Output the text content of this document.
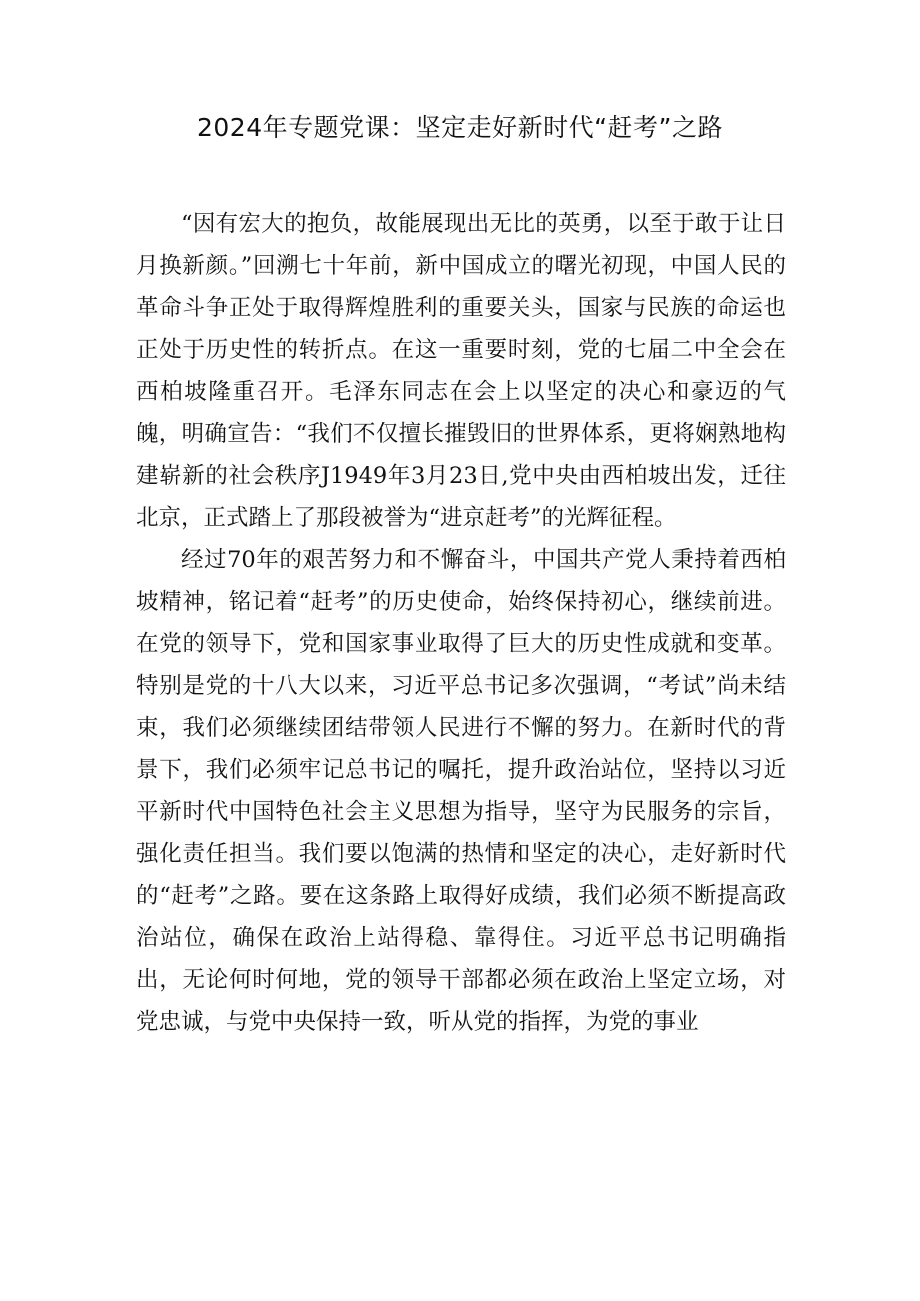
2024年专题党课：坚定走好新时代“赶考”之路

“因有宏大的抱负，故能展现出无比的英勇，以至于敢于让日月换新颜。”回溯七十年前，新中国成立的曙光初现，中国人民的革命斗争正处于取得辉煌胜利的重要关头，国家与民族的命运也正处于历史性的转折点。在这一重要时刻，党的七届二中全会在西柏坡隆重召开。毛泽东同志在会上以坚定的决心和豪迈的气魄，明确宣告：“我们不仅擅长摧毁旧的世界体系，更将娴熟地构建崭新的社会秩序J1949年3月23日,党中央由西柏坡出发，迁往北京，正式踏上了那段被誉为“进京赶考”的光辉征程。

经过70年的艰苦努力和不懈奋斗，中国共产党人秉持着西柏坡精神，铭记着“赶考”的历史使命，始终保持初心，继续前进。在党的领导下，党和国家事业取得了巨大的历史性成就和变革。特别是党的十八大以来，习近平总书记多次强调，“考试”尚未结束，我们必须继续团结带领人民进行不懈的努力。在新时代的背景下，我们必须牢记总书记的嘱托，提升政治站位，坚持以习近平新时代中国特色社会主义思想为指导，坚守为民服务的宗旨，强化责任担当。我们要以饱满的热情和坚定的决心，走好新时代的“赶考”之路。要在这条路上取得好成绩，我们必须不断提高政治站位，确保在政治上站得稳、靠得住。习近平总书记明确指出，无论何时何地，党的领导干部都必须在政治上坚定立场，对党忠诚，与党中央保持一致，听从党的指挥，为党的事业
